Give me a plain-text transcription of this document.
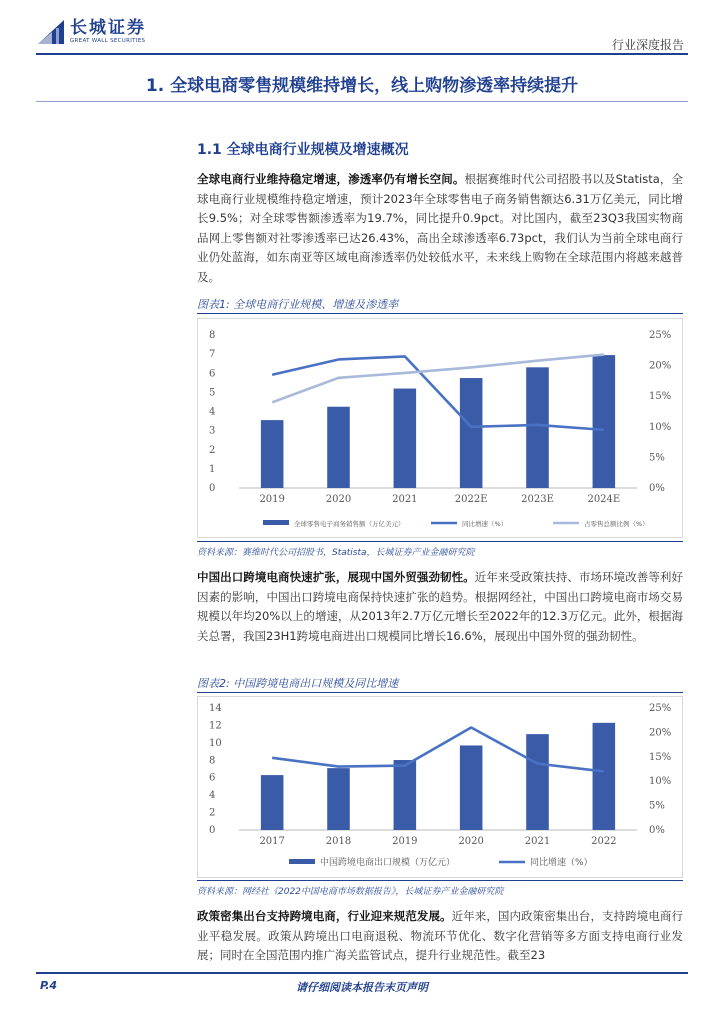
长城证券
GREAT WALL SECURITIES	行业深度报告
1. 全球电商零售规模维持增长，线上购物渗透率持续提升
1.1 全球电商行业规模及增速概况

全球电商行业维持稳定增速，渗透率仍有增长空间。根据赛维时代公司招股书以及Statista，全球电商行业规模维持稳定增速，预计2023年全球零售电子商务销售额达6.31万亿美元，同比增长9.5%；对全球零售额渗透率为19.7%，同比提升0.9pct。对比国内，截至23Q3我国实物商品网上零售额对社零渗透率已达26.43%，高出全球渗透率6.73pct，我们认为当前全球电商行业仍处蓝海，如东南亚等区域电商渗透率仍处较低水平，未来线上购物在全球范围内将越来越普及。

图表1: 全球电商行业规模、增速及渗透率
0
1
2
3
4
5
6
7
8
0%
5%
10%
15%
20%
25%
2019	2020	2021	2022E	2023E	2024E
全球零售电子商务销售额（万亿美元）	同比增速（%）	占零售总额比例（%）
资料来源：赛维时代公司招股书，Statista，长城证券产业金融研究院

中国出口跨境电商快速扩张，展现中国外贸强劲韧性。近年来受政策扶持、市场环境改善等利好因素的影响，中国出口跨境电商保持快速扩张的趋势。根据网经社，中国出口跨境电商市场交易规模以年均20%以上的增速，从2013年2.7万亿元增长至2022年的12.3万亿元。此外，根据海关总署，我国23H1跨境电商进出口规模同比增长16.6%，展现出中国外贸的强劲韧性。

图表2: 中国跨境电商出口规模及同比增速
0
2
4
6
8
10
12
14
0%
5%
10%
15%
20%
25%
2017	2018	2019	2020	2021	2022
中国跨境电商出口规模（万亿元）	同比增速（%）
资料来源：网经社《2022中国电商市场数据报告》，长城证券产业金融研究院

政策密集出台支持跨境电商，行业迎来规范发展。近年来，国内政策密集出台，支持跨境电商行业平稳发展。政策从跨境出口电商退税、物流环节优化、数字化营销等多方面支持电商行业发展；同时在全国范围内推广海关监管试点，提升行业规范性。截至23

P.4	请仔细阅读本报告末页声明
